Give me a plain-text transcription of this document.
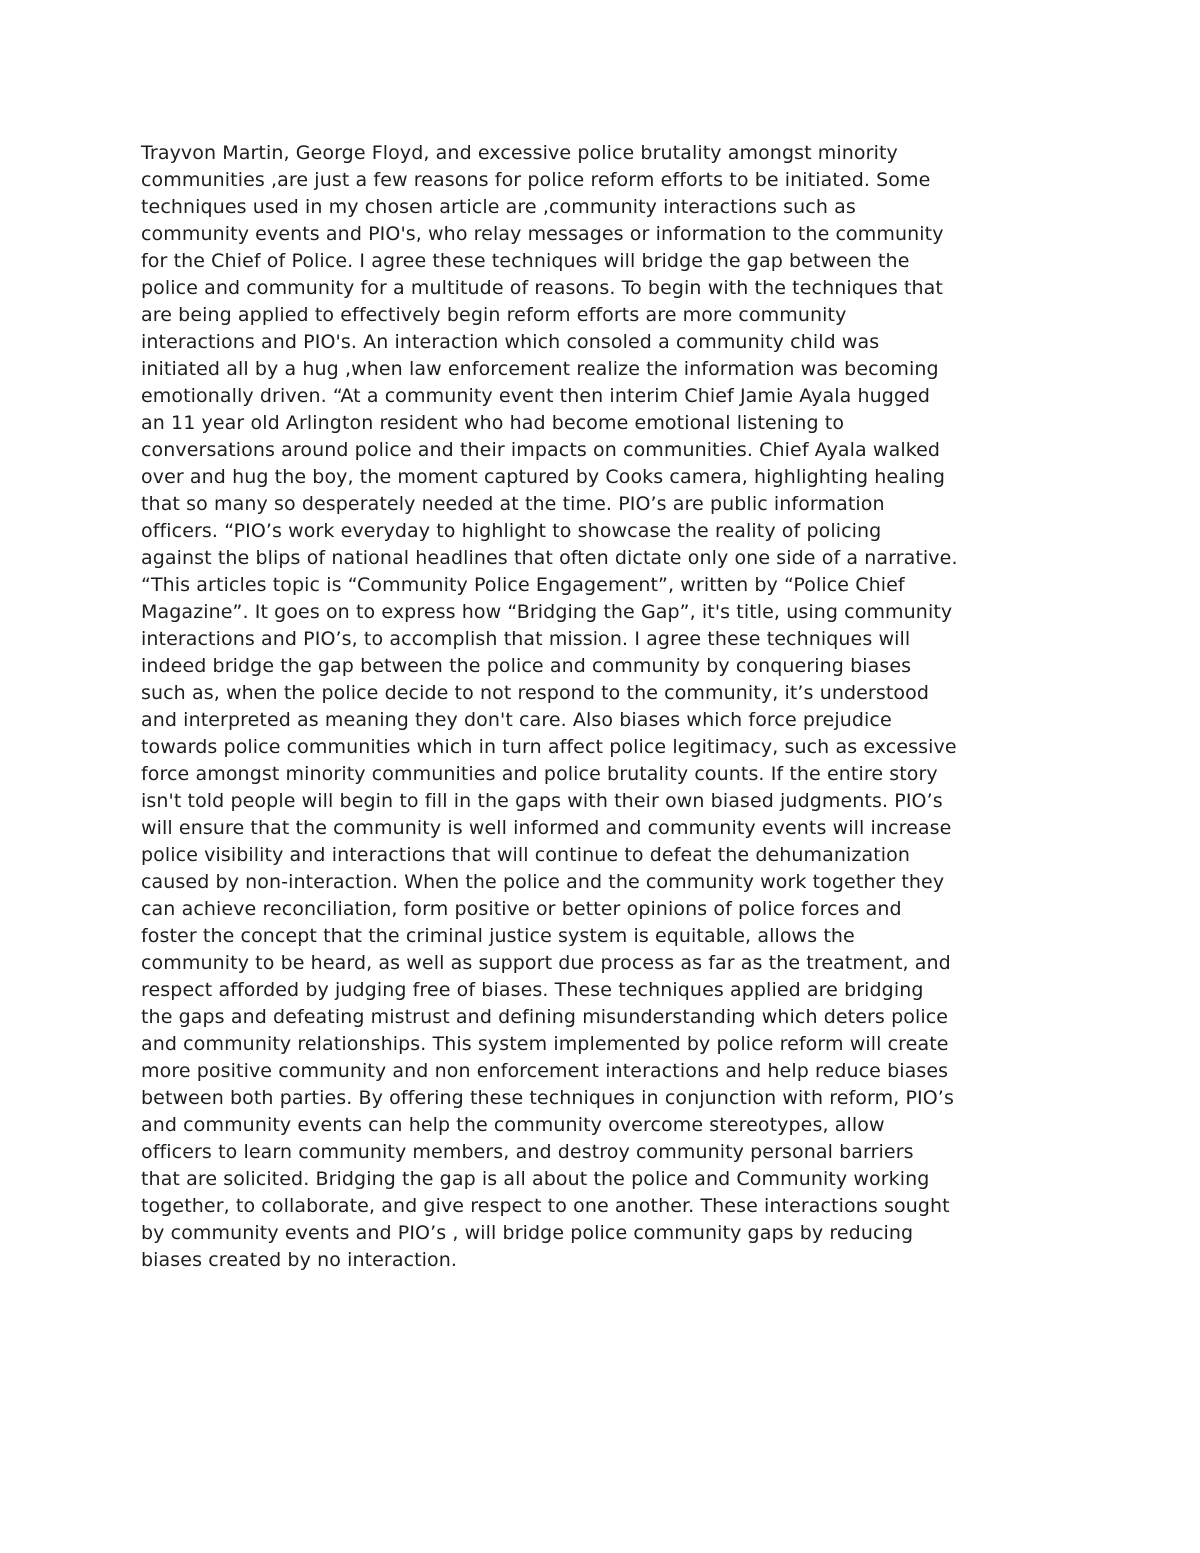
Trayvon Martin, George Floyd, and excessive police brutality amongst minority
communities ,are just a few reasons for police reform efforts to be initiated. Some
techniques used in my chosen article are ,community interactions such as
community events and PIO's, who relay messages or information to the community
for the Chief of Police. I agree these techniques will bridge the gap between the
police and community for a multitude of reasons. To begin with the techniques that
are being applied to effectively begin reform efforts are more community
interactions and PIO's. An interaction which consoled a community child was
initiated all by a hug ,when law enforcement realize the information was becoming
emotionally driven. “At a community event then interim Chief Jamie Ayala hugged
an 11 year old Arlington resident who had become emotional listening to
conversations around police and their impacts on communities. Chief Ayala walked
over and hug the boy, the moment captured by Cooks camera, highlighting healing
that so many so desperately needed at the time. PIO’s are public information
officers. “PIO’s work everyday to highlight to showcase the reality of policing
against the blips of national headlines that often dictate only one side of a narrative.
“This articles topic is “Community Police Engagement”, written by “Police Chief
Magazine”. It goes on to express how “Bridging the Gap”, it's title, using community
interactions and PIO’s, to accomplish that mission. I agree these techniques will
indeed bridge the gap between the police and community by conquering biases
such as, when the police decide to not respond to the community, it’s understood
and interpreted as meaning they don't care. Also biases which force prejudice
towards police communities which in turn affect police legitimacy, such as excessive
force amongst minority communities and police brutality counts. If the entire story
isn't told people will begin to fill in the gaps with their own biased judgments. PIO’s
will ensure that the community is well informed and community events will increase
police visibility and interactions that will continue to defeat the dehumanization
caused by non-interaction. When the police and the community work together they
can achieve reconciliation, form positive or better opinions of police forces and
foster the concept that the criminal justice system is equitable, allows the
community to be heard, as well as support due process as far as the treatment, and
respect afforded by judging free of biases. These techniques applied are bridging
the gaps and defeating mistrust and defining misunderstanding which deters police
and community relationships. This system implemented by police reform will create
more positive community and non enforcement interactions and help reduce biases
between both parties. By offering these techniques in conjunction with reform, PIO’s
and community events can help the community overcome stereotypes, allow
officers to learn community members, and destroy community personal barriers
that are solicited. Bridging the gap is all about the police and Community working
together, to collaborate, and give respect to one another. These interactions sought
by community events and PIO’s , will bridge police community gaps by reducing
biases created by no interaction.
